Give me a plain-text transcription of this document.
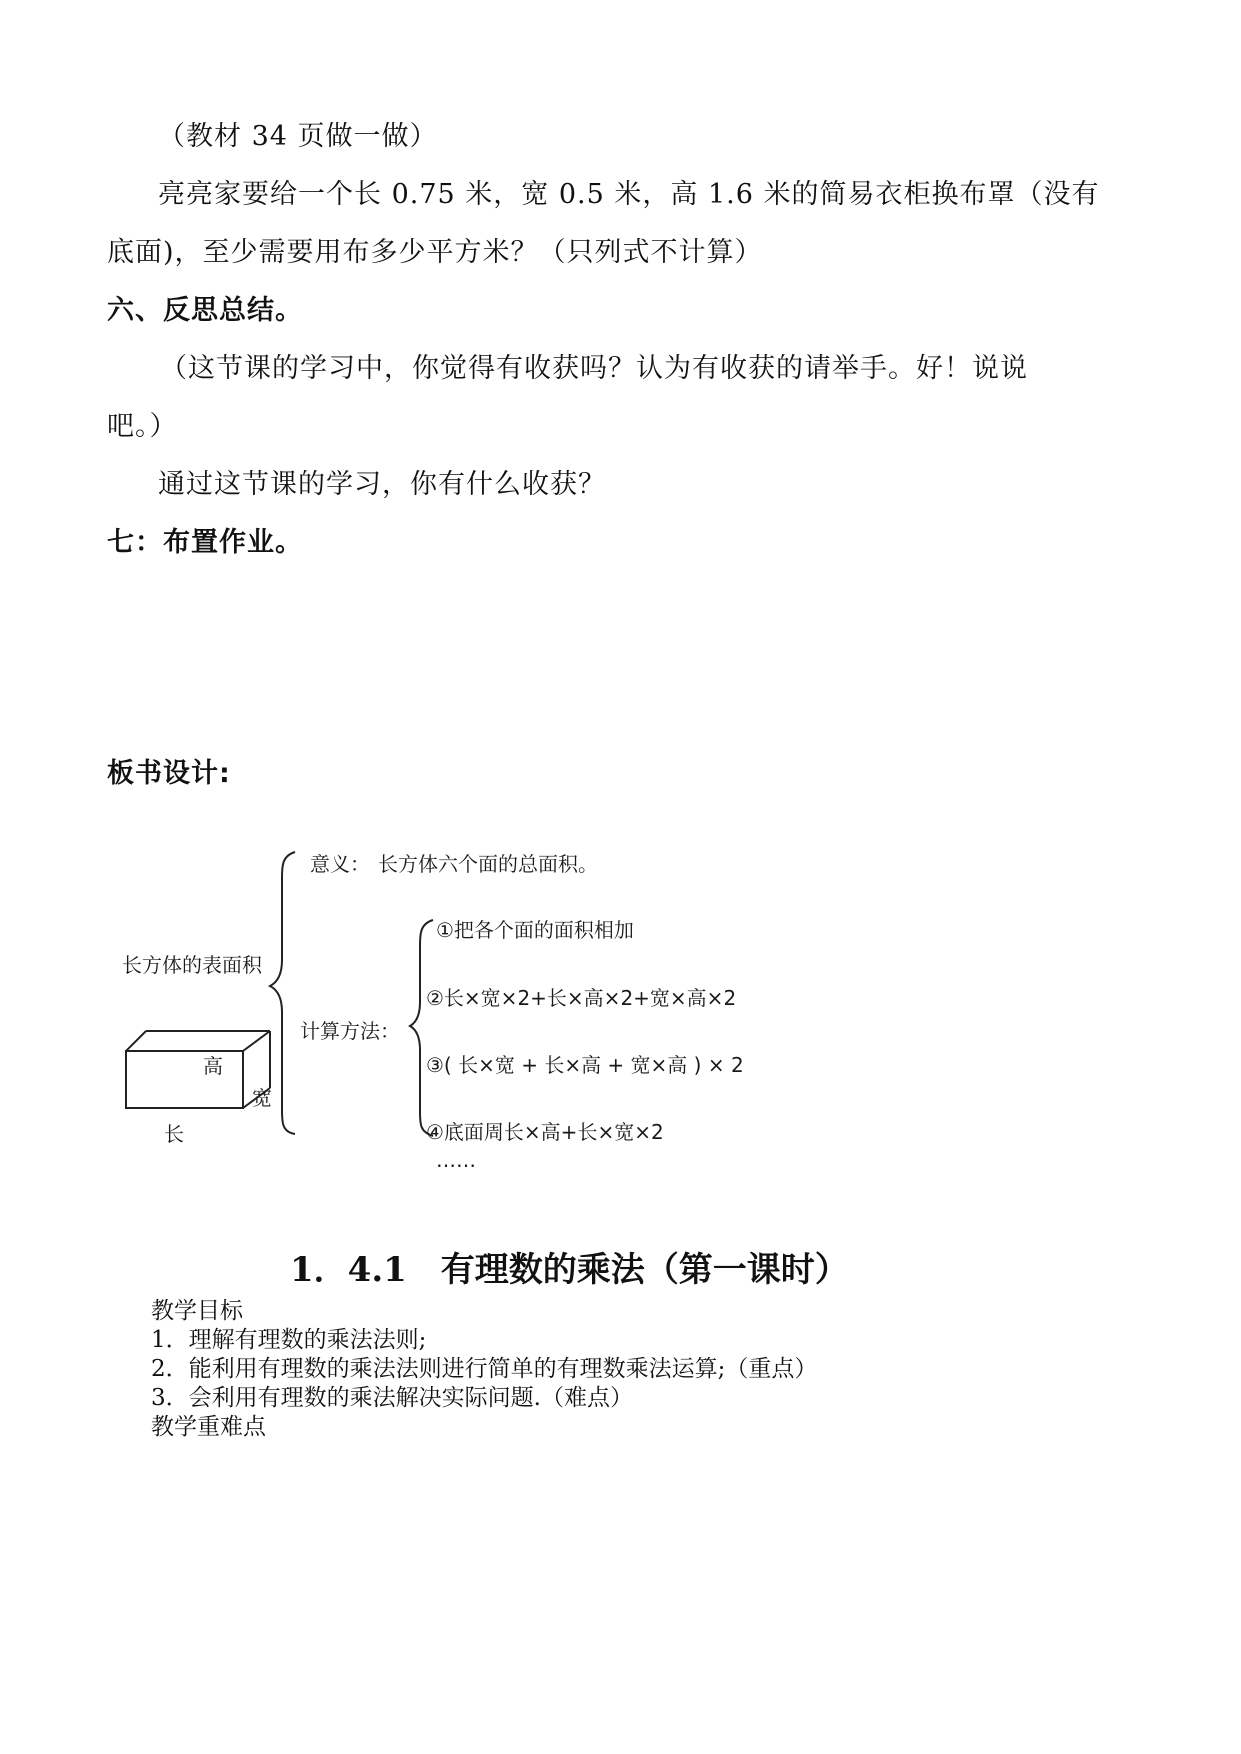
（教材 34 页做一做）
亮亮家要给一个长 0.75 米，宽 0.5 米，高 1.6 米的简易衣柜换布罩（没有
底面)，至少需要用布多少平方米？（只列式不计算）
六、反思总结。
（这节课的学习中，你觉得有收获吗？认为有收获的请举手。好！说说
吧。）
通过这节课的学习，你有什么收获？
七：布置作业。
板书设计:
长方体的表面积
意义： 长方体六个面的总面积。
计算方法：
①把各个面的面积相加
②长×宽×2+长×高×2+宽×高×2
③( 长×宽 + 长×高 + 宽×高 ) × 2
④底面周长×高+长×宽×2
……
高
宽
长
1．4.1　有理数的乘法（第一课时）
教学目标
1．理解有理数的乘法法则;
2．能利用有理数的乘法法则进行简单的有理数乘法运算;（重点）
3．会利用有理数的乘法解决实际问题.（难点）
教学重难点
